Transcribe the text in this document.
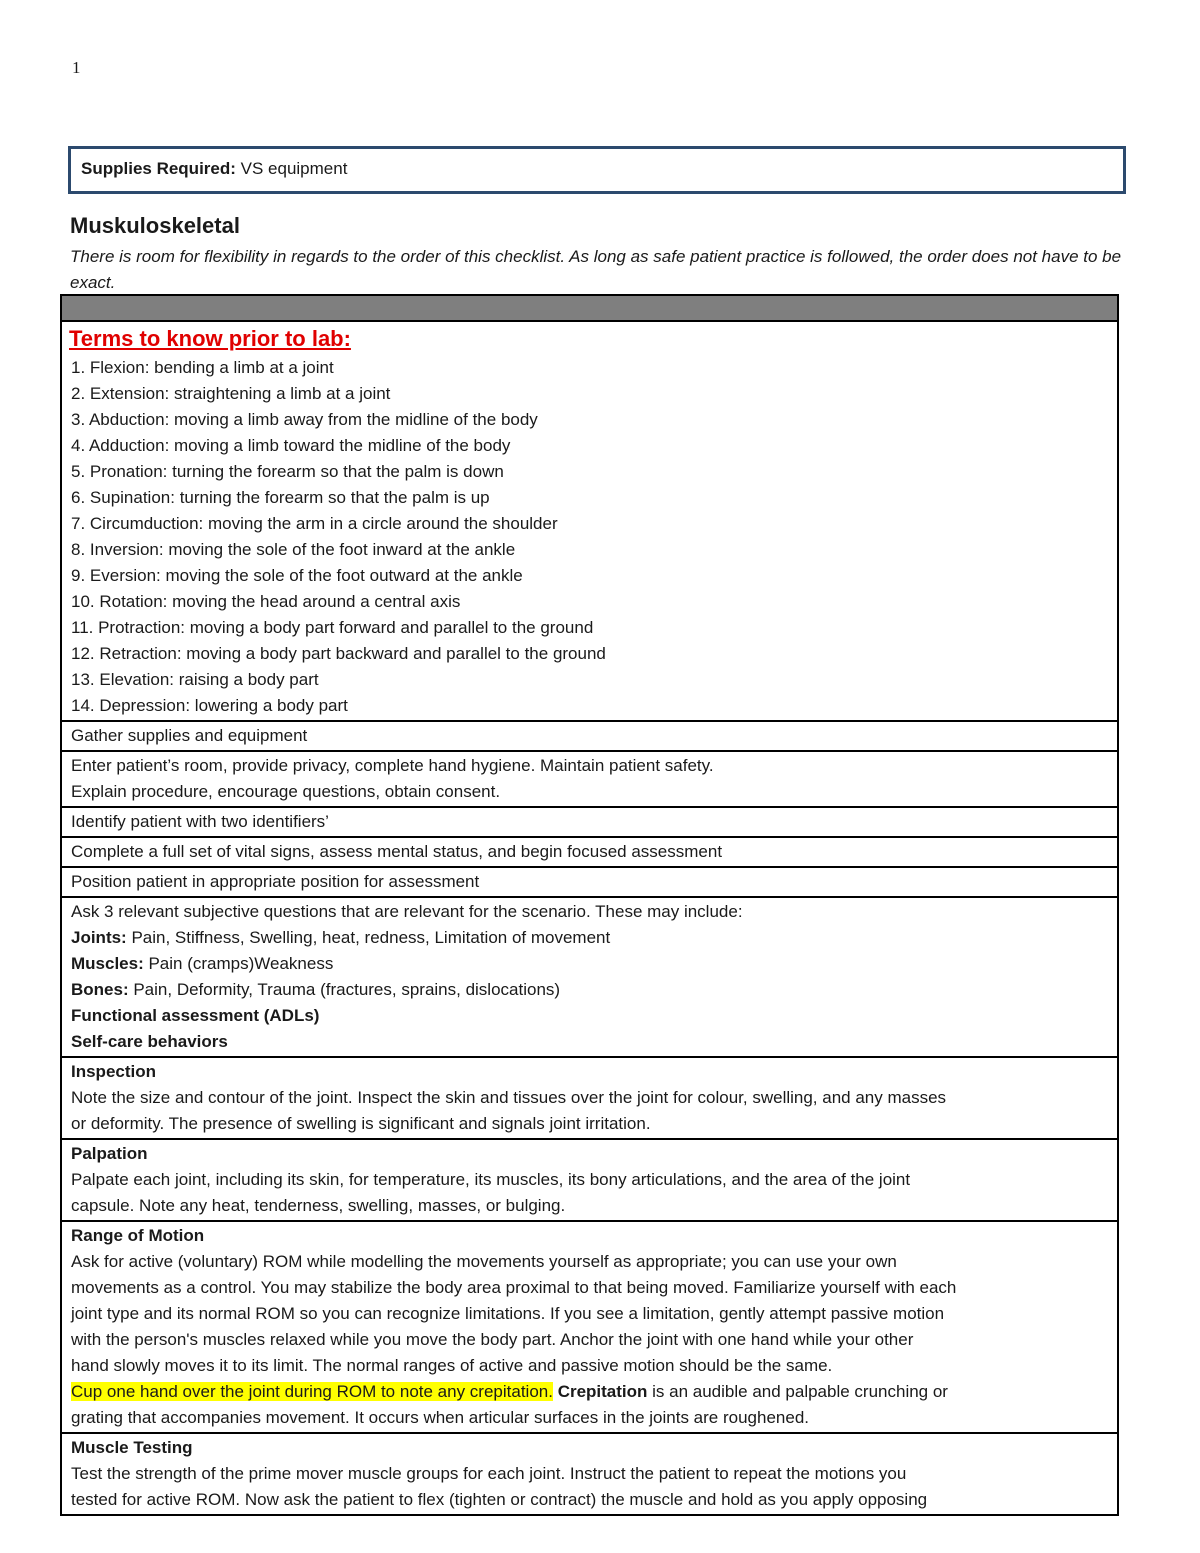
1
Supplies Required: VS equipment
Muskuloskeletal
There is room for flexibility in regards to the order of this checklist. As long as safe patient practice is followed, the order does not have to be exact.

Terms to know prior to lab:
1. Flexion: bending a limb at a joint
2. Extension: straightening a limb at a joint
3. Abduction: moving a limb away from the midline of the body
4. Adduction: moving a limb toward the midline of the body
5. Pronation: turning the forearm so that the palm is down
6. Supination: turning the forearm so that the palm is up
7. Circumduction: moving the arm in a circle around the shoulder
8. Inversion: moving the sole of the foot inward at the ankle
9. Eversion: moving the sole of the foot outward at the ankle
10. Rotation: moving the head around a central axis
11. Protraction: moving a body part forward and parallel to the ground
12. Retraction: moving a body part backward and parallel to the ground
13. Elevation: raising a body part
14. Depression: lowering a body part

Gather supplies and equipment

Enter patient’s room, provide privacy, complete hand hygiene. Maintain patient safety.
Explain procedure, encourage questions, obtain consent.

Identify patient with two identifiers’

Complete a full set of vital signs, assess mental status, and begin focused assessment

Position patient in appropriate position for assessment

Ask 3 relevant subjective questions that are relevant for the scenario. These may include:
Joints: Pain, Stiffness, Swelling, heat, redness, Limitation of movement
Muscles: Pain (cramps)Weakness
Bones: Pain, Deformity, Trauma (fractures, sprains, dislocations)
Functional assessment (ADLs)
Self-care behaviors

Inspection
Note the size and contour of the joint. Inspect the skin and tissues over the joint for colour, swelling, and any masses
or deformity. The presence of swelling is significant and signals joint irritation.

Palpation
Palpate each joint, including its skin, for temperature, its muscles, its bony articulations, and the area of the joint
capsule. Note any heat, tenderness, swelling, masses, or bulging.

Range of Motion
Ask for active (voluntary) ROM while modelling the movements yourself as appropriate; you can use your own
movements as a control. You may stabilize the body area proximal to that being moved. Familiarize yourself with each
joint type and its normal ROM so you can recognize limitations. If you see a limitation, gently attempt passive motion
with the person's muscles relaxed while you move the body part. Anchor the joint with one hand while your other
hand slowly moves it to its limit. The normal ranges of active and passive motion should be the same.
Cup one hand over the joint during ROM to note any crepitation. Crepitation is an audible and palpable crunching or
grating that accompanies movement. It occurs when articular surfaces in the joints are roughened.

Muscle Testing
Test the strength of the prime mover muscle groups for each joint. Instruct the patient to repeat the motions you
tested for active ROM. Now ask the patient to flex (tighten or contract) the muscle and hold as you apply opposing
